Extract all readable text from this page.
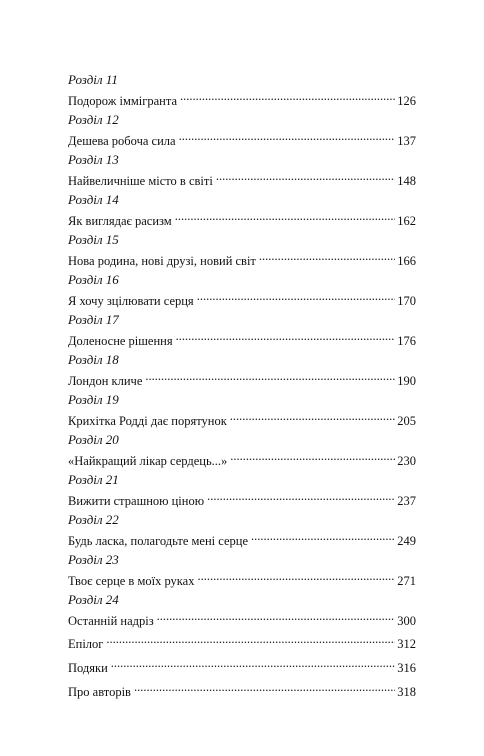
Розділ 11
Подорож іммігранта .....	126
Розділ 12
Дешева робоча сила .....	137
Розділ 13
Найвеличніше місто в світі .....	148
Розділ 14
Як виглядає расизм .....	162
Розділ 15
Нова родина, нові друзі, новий світ .....	166
Розділ 16
Я хочу зцілювати серця .....	170
Розділ 17
Доленосне рішення .....	176
Розділ 18
Лондон кличе .....	190
Розділ 19
Крихітка Родді дає порятунок .....	205
Розділ 20
«Найкращий лікар сердець...» .....	230
Розділ 21
Вижити страшною ціною .....	237
Розділ 22
Будь ласка, полагодьте мені серце .....	249
Розділ 23
Твоє серце в моїх руках .....	271
Розділ 24
Останній надріз .....	300
Епілог .....	312
Подяки .....	316
Про авторів .....	318
